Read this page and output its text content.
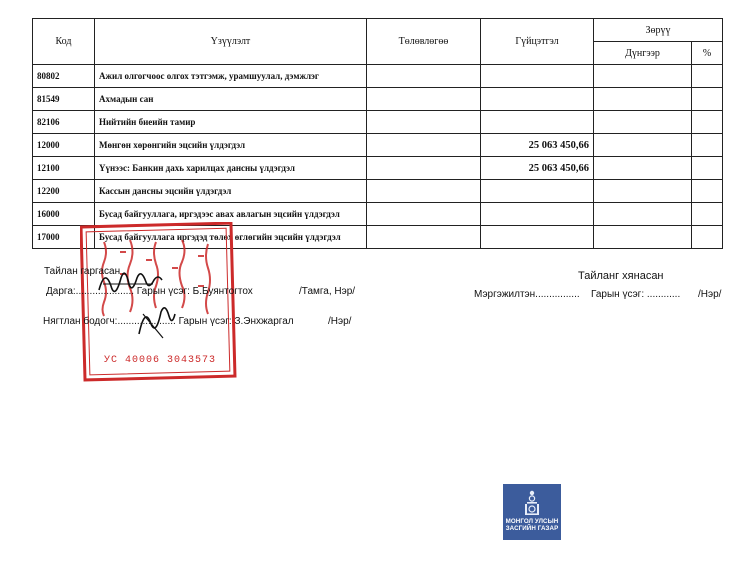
Код	Үзүүлэлт	Төлөвлөгөө	Гүйцэтгэл	Зөрүү	
				Дүнгээр	%
80802	Ажил олгогчоос олгох тэтгэмж, урамшуулал, дэмжлэг				
81549	Ахмадын сан				
82106	Нийтийн биеийн тамир				
12000	Мөнгөн хөрөнгийн эцсийн үлдэгдэл		25 063 450,66		
12100	Үүнээс: Банкин дахь харилцах дансны үлдэгдэл		25 063 450,66		
12200	Кассын дансны эцсийн үлдэгдэл				
16000	Бусад байгууллага, иргэдээс авах авлагын эцсийн үлдэгдэл				
17000	Бусад байгууллага иргэдэд төлөх өглөгийн эцсийн үлдэгдэл				
УС 40006 3043573
Тайлан гаргасан
Дарга:..................... Гарын үсэг: Б.Буянтогтох	/Тамга, Нэр/
Нягтлан бодогч:..................... Гарын үсэг: З.Энхжаргал	/Нэр/
Тайланг хянасан
Мэргэжилтэн................ Гарын үсэг: ............ /Нэр/
МОНГОЛ УЛСЫН
ЗАСГИЙН ГАЗАР
